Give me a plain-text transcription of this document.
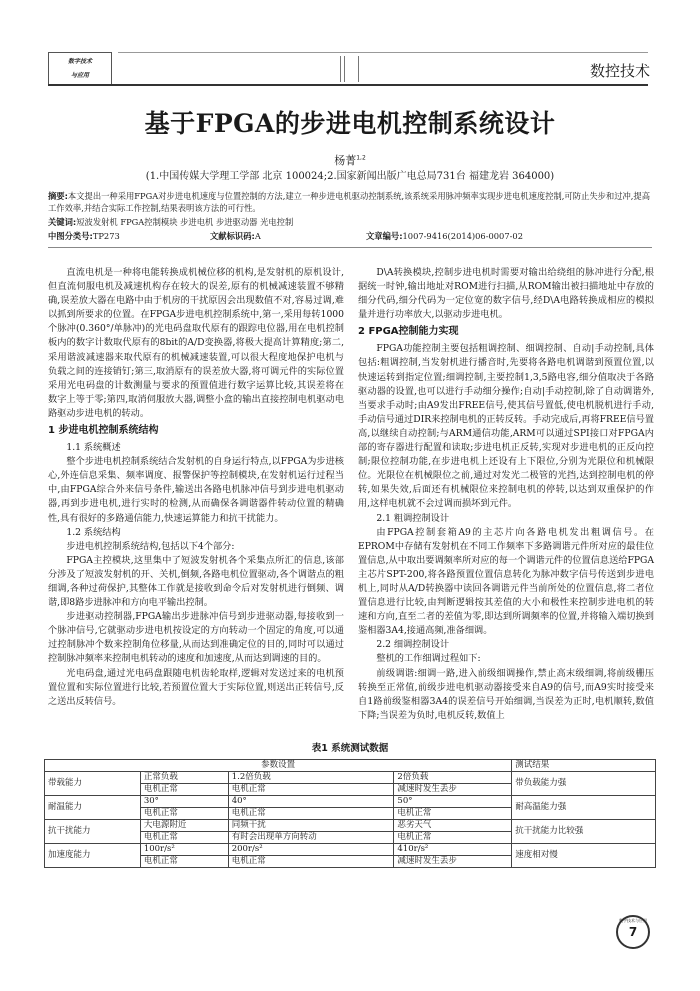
数字技术
与应用	数控技术
基于FPGA的步进电机控制系统设计
杨菁$^{1,2}$
(1.中国传媒大学理工学部 北京 100024;2.国家新闻出版广电总局731台 福建龙岩 364000)
摘要:本文提出一种采用FPGA对步进电机速度与位置控制的方法,建立一种步进电机驱动控制系统,该系统采用脉冲频率实现步进电机速度控制,可防止失步和过冲,提高工作效率,并结合实际工作控制,结果表明该方法的可行性。
关键词:短波发射机 FPGA控制模块 步进电机 步进驱动器 光电控制
中图分类号:TP273	文献标识码:A	文章编号:1007-9416(2014)06-0007-02

直流电机是一种将电能转换成机械位移的机构,是发射机的原机设计,但直流伺服电机及减速机构存在较大的误差,原有的机械减速装置不够精确,误差放大器在电路中由于机房的干扰原因会出现数值不对,容易过调,难以抓到所要求的位置。在FPGA步进电机控制系统中,第一,采用每转1000个脉冲(0.360°/单脉冲)的光电码盘取代原有的跟踪电位器,用在电机控制板内的数字计数取代原有的8bit的A/D变换器,将极大提高计算精度;第二,采用谐波减速器来取代原有的机械减速装置,可以很大程度地保护电机与负载之间的连接销钉;第三,取消原有的误差放大器,将可调元件的实际位置采用光电码盘的计数测量与要求的预置值进行数字运算比较,其误差将在数字上等于零;第四,取消伺服放大器,调整小盒的输出直接控制电机驱动电路驱动步进电机的转动。

1 步进电机控制系统结构
1.1 系统概述

整个步进电机控制系统结合发射机的自身运行特点,以FPGA为步进核心,外连信息采集、频率调度、报警保护等控制模块,在发射机运行过程当中,由FPGA综合外来信号条件,输送出各路电机脉冲信号到步进电机驱动器,再到步进电机,进行实时的检测,从而确保各调谐器件转动位置的精确性,具有很好的多路通信能力,快速运算能力和抗干扰能力。

1.2 系统结构

步进电机控制系统结构,包括以下4个部分:

FPGA主控模块,这里集中了短波发射机各个采集点所汇的信息,该部分涉及了短波发射机的开、关机,倒频,各路电机位置驱动,各个调谐点的粗细调,各种过荷保护,其整体工作就是接收到命令后对发射机进行倒频、调谐,即8路步进脉冲和方向电平输出控制。

步进驱动控制器,FPGA输出步进脉冲信号到步进驱动器,每接收到一个脉冲信号,它就驱动步进电机按设定的方向转动一个固定的角度,可以通过控制脉冲个数来控制角位移量,从而达到准确定位的目的,同时可以通过控制脉冲频率来控制电机转动的速度和加速度,从而达到调速的目的。

光电码盘,通过光电码盘跟随电机齿轮取样,逻辑对发送过来的电机预置位置和实际位置进行比较,若预置位置大于实际位置,则送出正转信号,反之送出反转信号。

D\A转换模块,控制步进电机时需要对输出给绕组的脉冲进行分配,根据统一时钟,输出地址对ROM进行扫描,从ROM输出被扫描地址中存放的细分代码,细分代码为一定位宽的数字信号,经D\A电路转换成相应的模拟量并进行功率放大,以驱动步进电机。

2 FPGA控制能力实现

FPGA功能控制主要包括粗调控制、细调控制、自动|手动控制,具体包括:粗调控制,当发射机进行播音时,先要将各路电机调谐到预置位置,以快速运转到指定位置;细调控制,主要控制1,3,5路电容,细分值取决于各路驱动器的设置,也可以进行手动细分操作;自动|手动控制,除了自动调谐外,当要求手动时;由A9发出FREE信号,使其信号置低,使电机脱机进行手动,手动信号通过DIR来控制电机的正转反转。手动完成后,再将FREE信号置高,以继续自动控制;与ARM通信功能,ARM可以通过SPI接口对FPGA内部的寄存器进行配置和读取;步进电机正反转,实现对步进电机的正反向控制;限位控制功能,在步进电机上还设有上下限位,分别为光限位和机械限位。光限位在机械限位之前,通过对发光二极管的光挡,达到控制电机的停转,如果失效,后面还有机械限位来控制电机的停转,以达到双重保护的作用,这样电机就不会过调而损坏到元件。

2.1 粗调控制设计

由FPGA控制套箱A9的主芯片向各路电机发出粗调信号。在EPROM中存储有发射机在不同工作频率下多路调谐元件所对应的最佳位置信息,从中取出要调频率所对应的每一个调谐元件的位置信息送给FPGA主芯片SPT-200,将各路预置位置信息转化为脉冲数字信号传送到步进电机上,同时从A/D转换器中读回各调谐元件当前所处的位置信息,将二者位置信息进行比较,由判断逻辑按其差值的大小和极性来控制步进电机的转速和方向,直至二者的差值为零,即达到所调频率的位置,并将输入端切换到鉴相器3A4,接通高频,准备细调。

2.2 细调控制设计

整机的工作细调过程如下:

前级调谐:细调一路,进入前级细调操作,禁止高末级细调,将前级栅压转换至正常值,前级步进电机驱动器接受来自A9的信号,而A9实时接受来自1路前级鉴相器3A4的误差信号开始细调,当误差为正时,电机顺转,数值下降;当误差为负时,电机反转,数值上

表1 系统测试数据
参数设置				测试结果
带载能力	正常负载	1.2倍负载	2倍负载	带负载能力强
	电机正常	电机正常	减速时发生丢步	
耐温能力	30°	40°	50°	耐高温能力强
	电机正常	电机正常	电机正常	
抗干扰能力	大电源附近	同频干扰	恶劣天气	抗干扰能力比较强
	电机正常	有时会出现单方向转动	电机正常	
加速度能力	100r/s²	200r/s²	410r/s²	速度相对慢
	电机正常	电机正常	减速时发生丢步	
数字技术与应用
7
